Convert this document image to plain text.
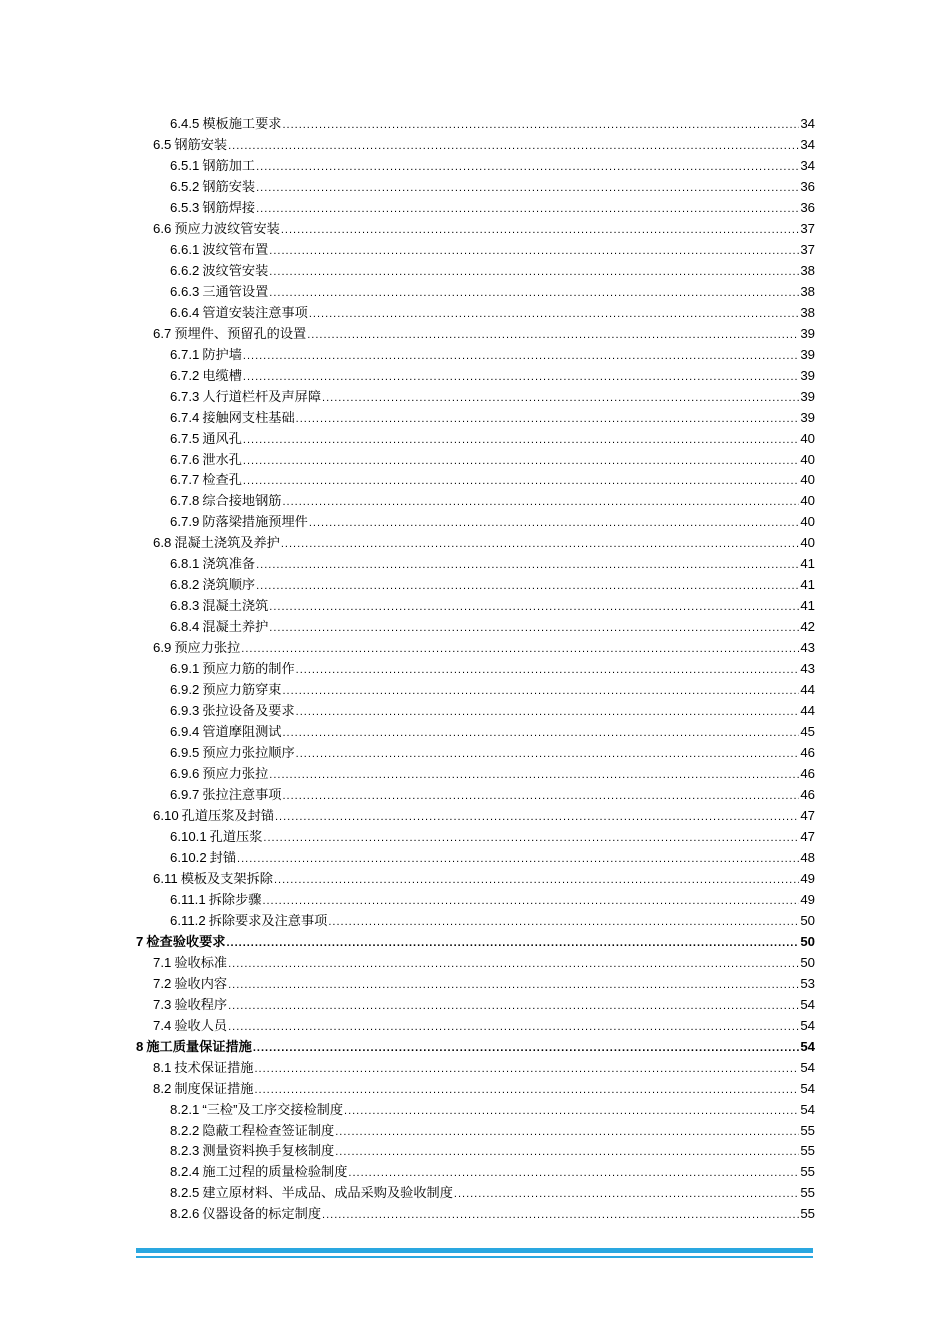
6.4.5 模板施工要求 .....	34
6.5 钢筋安装 .....	34
6.5.1 钢筋加工 .....	34
6.5.2 钢筋安装 .....	36
6.5.3 钢筋焊接 .....	36
6.6 预应力波纹管安装 .....	37
6.6.1 波纹管布置 .....	37
6.6.2 波纹管安装 .....	38
6.6.3 三通管设置 .....	38
6.6.4 管道安装注意事项 .....	38
6.7 预埋件、预留孔的设置 .....	39
6.7.1 防护墙 .....	39
6.7.2 电缆槽 .....	39
6.7.3 人行道栏杆及声屏障 .....	39
6.7.4 接触网支柱基础 .....	39
6.7.5 通风孔 .....	40
6.7.6 泄水孔 .....	40
6.7.7 检查孔 .....	40
6.7.8 综合接地钢筋 .....	40
6.7.9 防落梁措施预埋件 .....	40
6.8 混凝土浇筑及养护 .....	40
6.8.1 浇筑准备 .....	41
6.8.2 浇筑顺序 .....	41
6.8.3 混凝土浇筑 .....	41
6.8.4 混凝土养护 .....	42
6.9 预应力张拉 .....	43
6.9.1 预应力筋的制作 .....	43
6.9.2 预应力筋穿束 .....	44
6.9.3 张拉设备及要求 .....	44
6.9.4 管道摩阻测试 .....	45
6.9.5 预应力张拉顺序 .....	46
6.9.6 预应力张拉 .....	46
6.9.7 张拉注意事项 .....	46
6.10 孔道压浆及封锚 .....	47
6.10.1 孔道压浆 .....	47
6.10.2 封锚 .....	48
6.11 模板及支架拆除 .....	49
6.11.1 拆除步骤 .....	49
6.11.2 拆除要求及注意事项 .....	50
7 检查验收要求 .....	50
7.1 验收标准 .....	50
7.2 验收内容 .....	53
7.3 验收程序 .....	54
7.4 验收人员 .....	54
8 施工质量保证措施 .....	54
8.1 技术保证措施 .....	54
8.2 制度保证措施 .....	54
8.2.1 “三检”及工序交接检制度 .....	54
8.2.2 隐蔽工程检查签证制度 .....	55
8.2.3 测量资料换手复核制度 .....	55
8.2.4 施工过程的质量检验制度 .....	55
8.2.5 建立原材料、半成品、成品采购及验收制度 .....	55
8.2.6 仪器设备的标定制度 .....	55
